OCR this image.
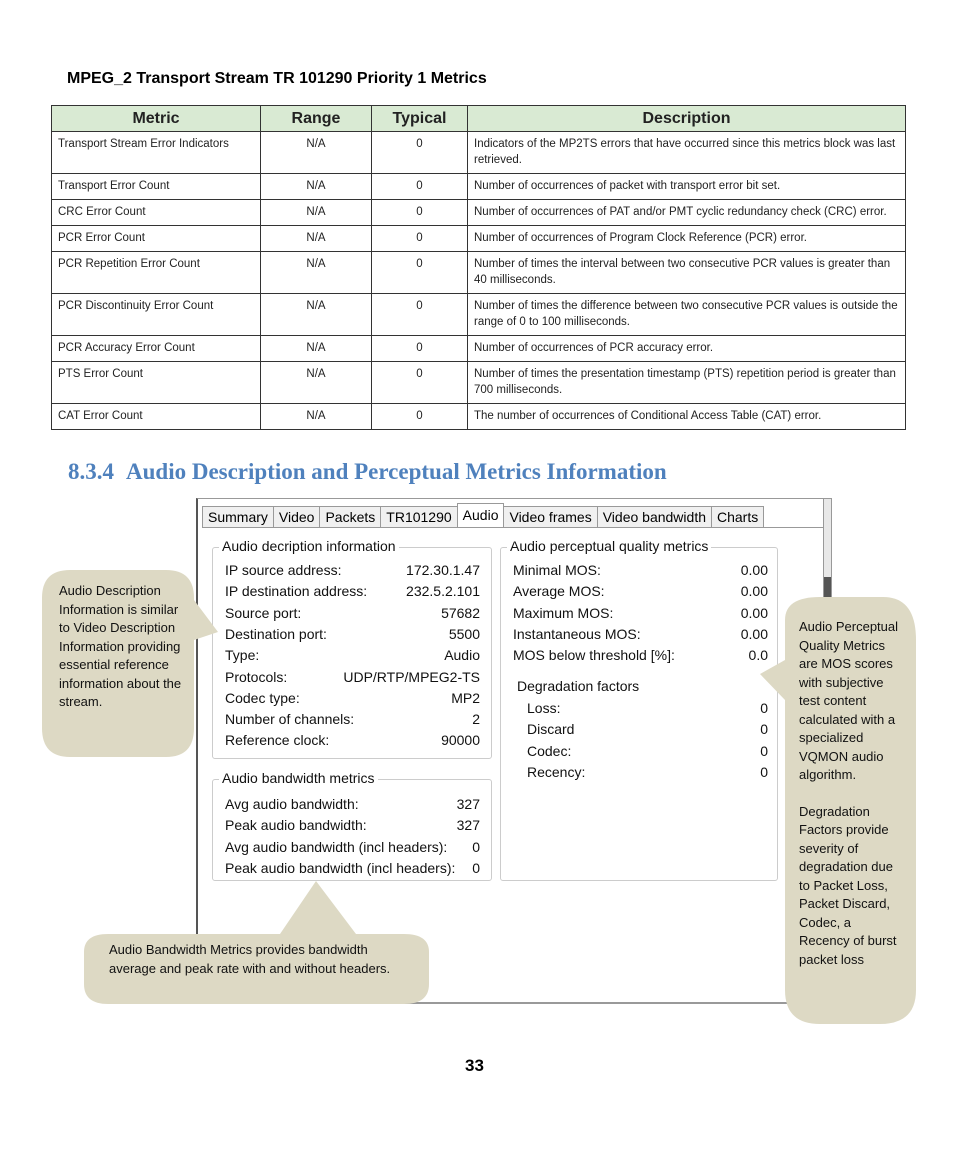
MPEG_2 Transport Stream TR 101290 Priority 1 Metrics
Metric	Range	Typical	Description
Transport Stream Error Indicators	N/A	0	Indicators of the MP2TS errors that have occurred since this metrics block was last retrieved.
Transport Error Count	N/A	0	Number of occurrences of packet with transport error bit set.
CRC Error Count	N/A	0	Number of occurrences of PAT and/or PMT cyclic redundancy check (CRC) error.
PCR Error Count	N/A	0	Number of occurrences of Program Clock Reference (PCR) error.
PCR Repetition Error Count	N/A	0	Number of times the interval between two consecutive PCR values is greater than 40 milliseconds.
PCR Discontinuity Error Count	N/A	0	Number of times the difference between two consecutive PCR values is outside the range of 0 to 100 milliseconds.
PCR Accuracy Error Count	N/A	0	Number of occurrences of PCR accuracy error.
PTS Error Count	N/A	0	Number of times the presentation timestamp (PTS) repetition period is greater than 700 milliseconds.
CAT Error Count	N/A	0	The number of occurrences of Conditional Access Table (CAT) error.
8.3.4 Audio Description and Perceptual Metrics Information
Summary Video Packets TR101290 Audio Video frames Video bandwidth Charts
Audio decription information
IP source address:	172.30.1.47
IP destination address:	232.5.2.101
Source port:	57682
Destination port:	5500
Type:	Audio
Protocols:	UDP/RTP/MPEG2-TS
Codec type:	MP2
Number of channels:	2
Reference clock:	90000
Audio bandwidth metrics
Avg audio bandwidth:	327
Peak audio bandwidth:	327
Avg audio bandwidth (incl headers): 0
Peak audio bandwidth (incl headers): 0
Audio perceptual quality metrics
Minimal MOS:	0.00
Average MOS:	0.00
Maximum MOS:	0.00
Instantaneous MOS:	0.00
MOS below threshold [%]:	0.0
Degradation factors
Loss:	0
Discard	0
Codec:	0
Recency:	0
Audio Description Information is similar to Video Description Information providing essential reference information about the stream.
Audio Perceptual Quality Metrics are MOS scores with subjective test content calculated with a specialized VQMON audio algorithm.
Degradation Factors provide severity of degradation due to Packet Loss, Packet Discard, Codec, a Recency of burst packet loss
Audio Bandwidth Metrics provides bandwidth average and peak rate with and without headers.
33
